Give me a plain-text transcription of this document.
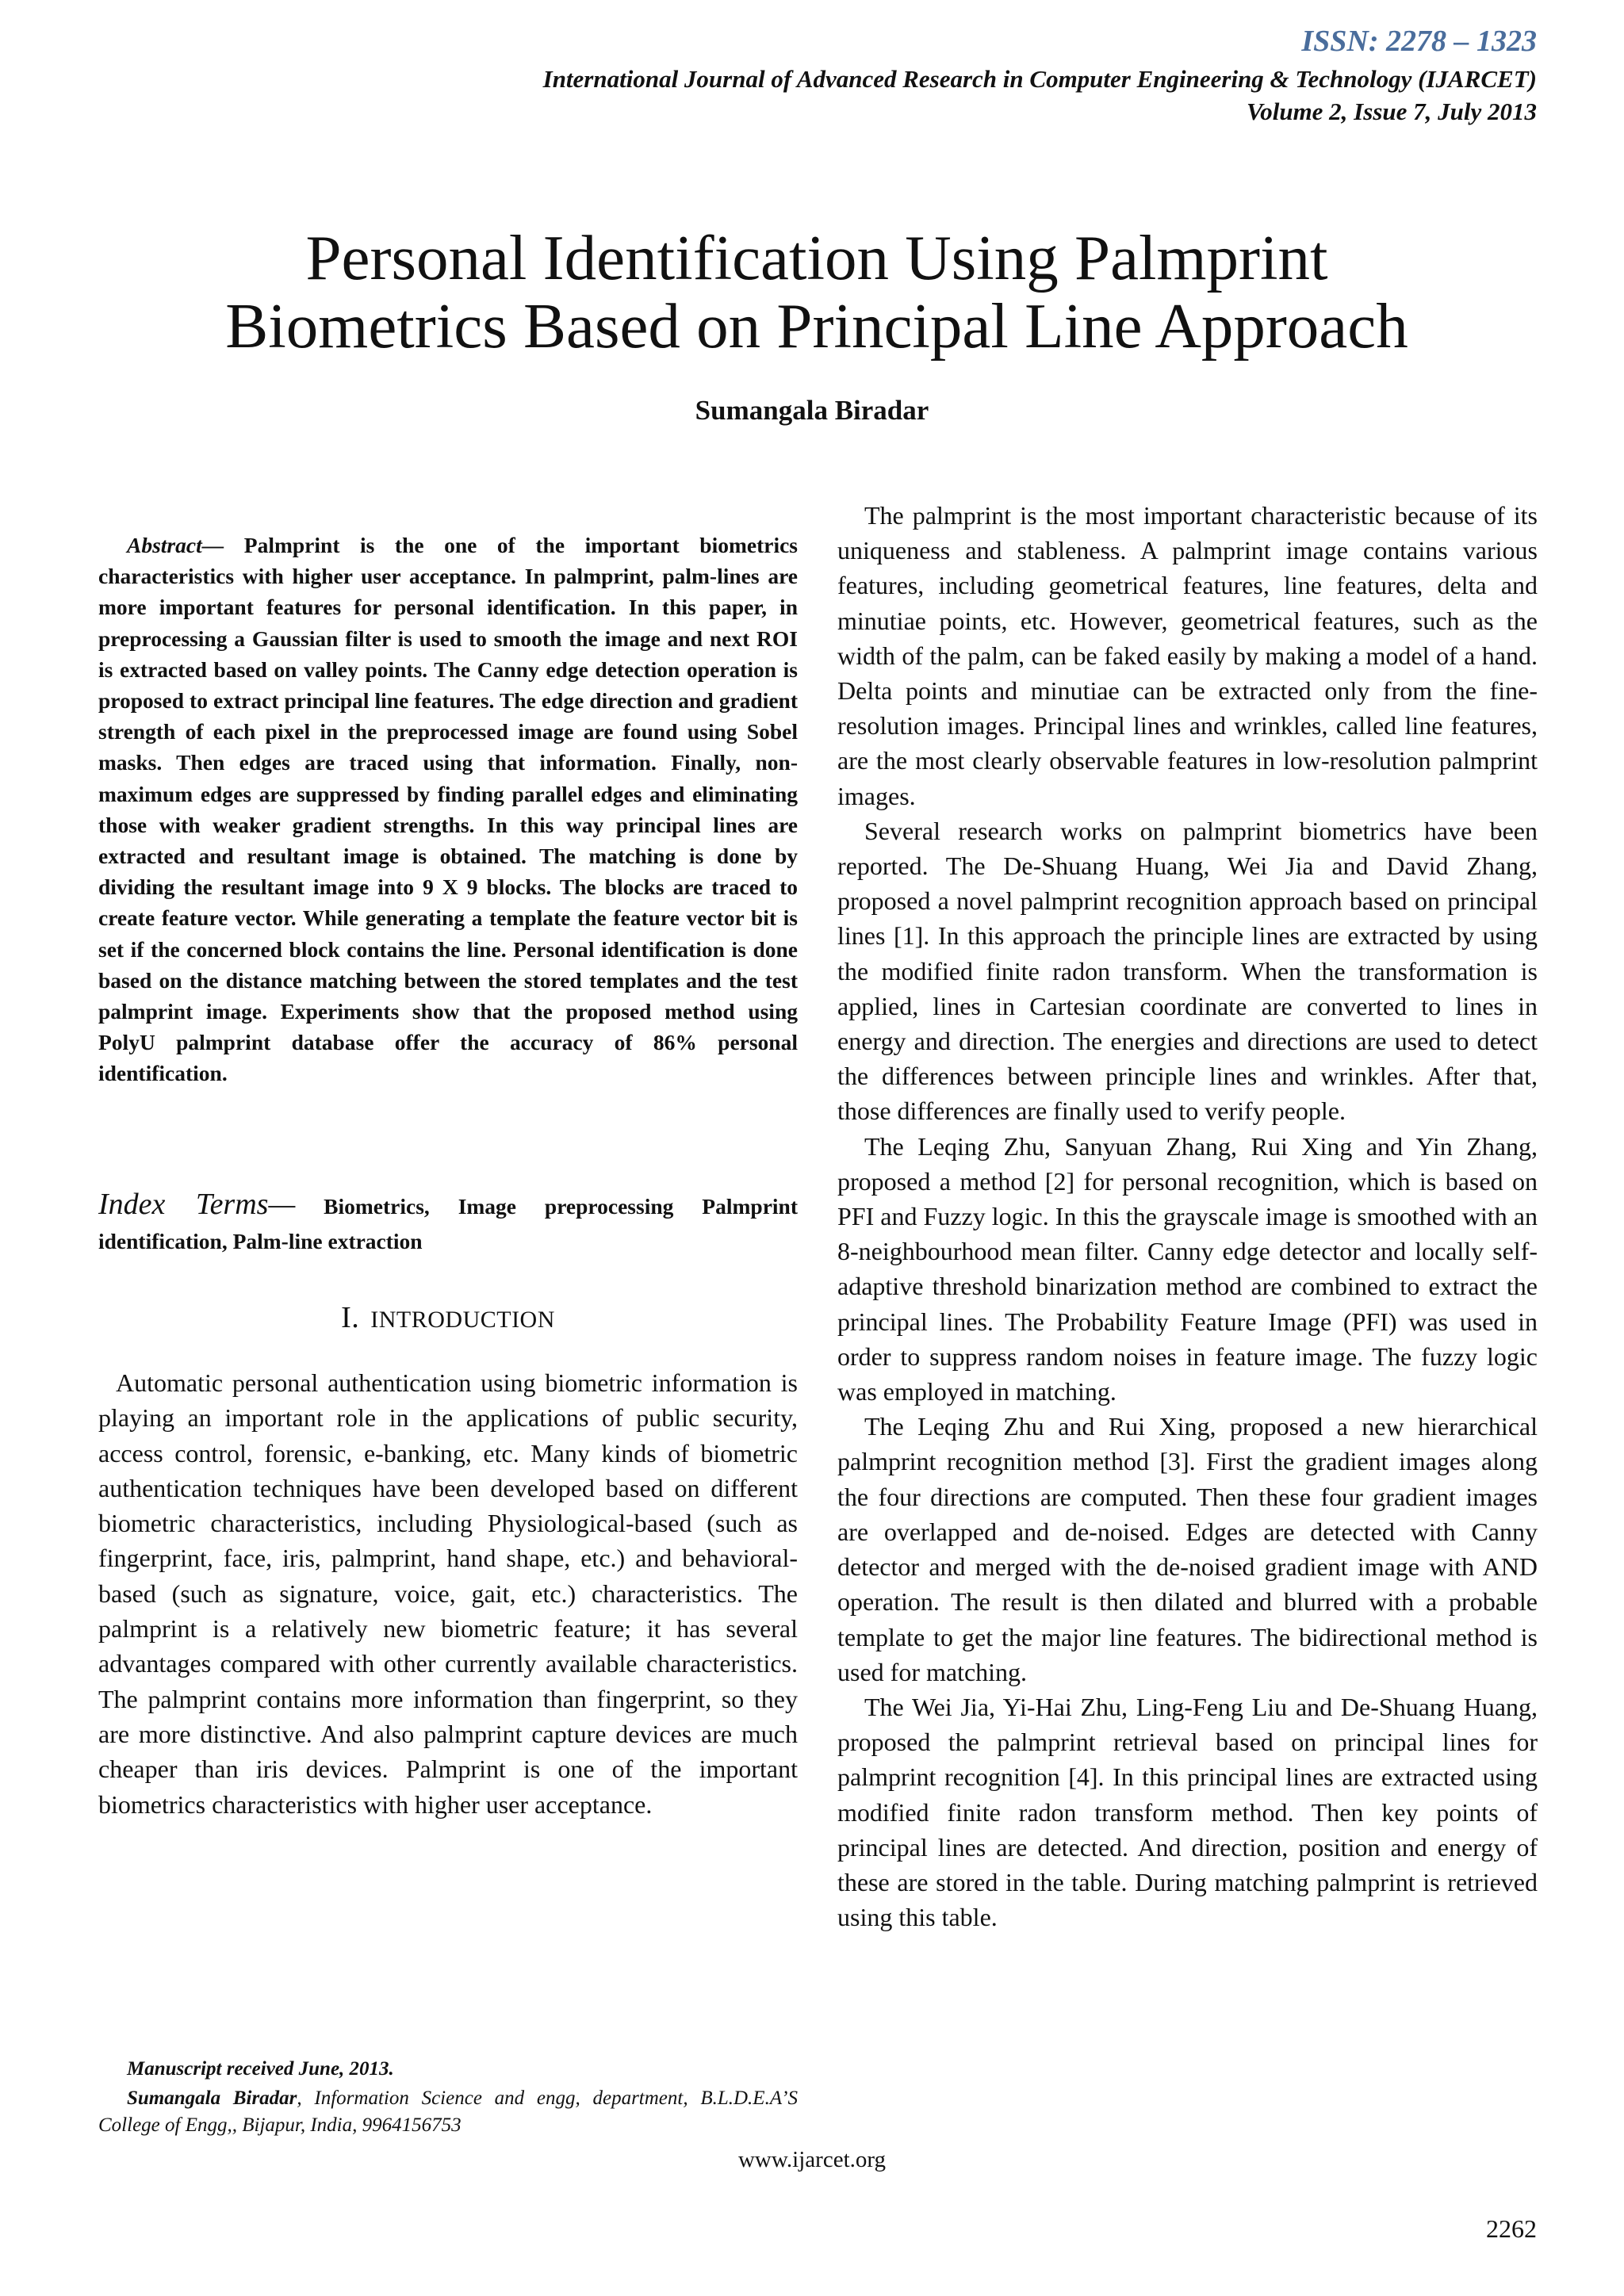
ISSN: 2278 – 1323
International Journal of Advanced Research in Computer Engineering & Technology (IJARCET)
Volume 2, Issue 7, July 2013
Personal Identification Using Palmprint
Biometrics Based on Principal Line Approach
Sumangala Biradar

Abstract— Palmprint is the one of the important biometrics characteristics with higher user acceptance. In palmprint, palm-lines are more important features for personal identification. In this paper, in preprocessing a Gaussian filter is used to smooth the image and next ROI is extracted based on valley points. The Canny edge detection operation is proposed to extract principal line features. The edge direction and gradient strength of each pixel in the preprocessed image are found using Sobel masks. Then edges are traced using that information. Finally, non-maximum edges are suppressed by finding parallel edges and eliminating those with weaker gradient strengths. In this way principal lines are extracted and resultant image is obtained. The matching is done by dividing the resultant image into 9 X 9 blocks. The blocks are traced to create feature vector. While generating a template the feature vector bit is set if the concerned block contains the line. Personal identification is done based on the distance matching between the stored templates and the test palmprint image. Experiments show that the proposed method using PolyU palmprint database offer the accuracy of 86% personal identification.

Index Terms— Biometrics, Image preprocessing Palmprint identification, Palm-line extraction

I. INTRODUCTION

Automatic personal authentication using biometric information is playing an important role in the applications of public security, access control, forensic, e-banking, etc. Many kinds of biometric authentication techniques have been developed based on different biometric characteristics, including Physiological-based (such as fingerprint, face, iris, palmprint, hand shape, etc.) and behavioral-based (such as signature, voice, gait, etc.) characteristics. The palmprint is a relatively new biometric feature; it has several advantages compared with other currently available characteristics. The palmprint contains more information than fingerprint, so they are more distinctive. And also palmprint capture devices are much cheaper than iris devices. Palmprint is one of the important biometrics characteristics with higher user acceptance.

The palmprint is the most important characteristic because of its uniqueness and stableness. A palmprint image contains various features, including geometrical features, line features, delta and minutiae points, etc. However, geometrical features, such as the width of the palm, can be faked easily by making a model of a hand. Delta points and minutiae can be extracted only from the fine-resolution images. Principal lines and wrinkles, called line features, are the most clearly observable features in low-resolution palmprint images.

Several research works on palmprint biometrics have been reported. The De-Shuang Huang, Wei Jia and David Zhang, proposed a novel palmprint recognition approach based on principal lines [1]. In this approach the principle lines are extracted by using the modified finite radon transform. When the transformation is applied, lines in Cartesian coordinate are converted to lines in energy and direction. The energies and directions are used to detect the differences between principle lines and wrinkles. After that, those differences are finally used to verify people.

The Leqing Zhu, Sanyuan Zhang, Rui Xing and Yin Zhang, proposed a method [2] for personal recognition, which is based on PFI and Fuzzy logic. In this the grayscale image is smoothed with an 8-neighbourhood mean filter. Canny edge detector and locally self-adaptive threshold binarization method are combined to extract the principal lines. The Probability Feature Image (PFI) was used in order to suppress random noises in feature image. The fuzzy logic was employed in matching.

The Leqing Zhu and Rui Xing, proposed a new hierarchical palmprint recognition method [3]. First the gradient images along the four directions are computed. Then these four gradient images are overlapped and de-noised. Edges are detected with Canny detector and merged with the de-noised gradient image with AND operation. The result is then dilated and blurred with a probable template to get the major line features. The bidirectional method is used for matching.

The Wei Jia, Yi-Hai Zhu, Ling-Feng Liu and De-Shuang Huang, proposed the palmprint retrieval based on principal lines for palmprint recognition [4]. In this principal lines are extracted using modified finite radon transform method. Then key points of principal lines are detected. And direction, position and energy of these are stored in the table. During matching palmprint is retrieved using this table.

Manuscript received June, 2013.

Sumangala Biradar, Information Science and engg, department, B.L.D.E.A’S College of Engg,, Bijapur, India, 9964156753

www.ijarcet.org
2262
